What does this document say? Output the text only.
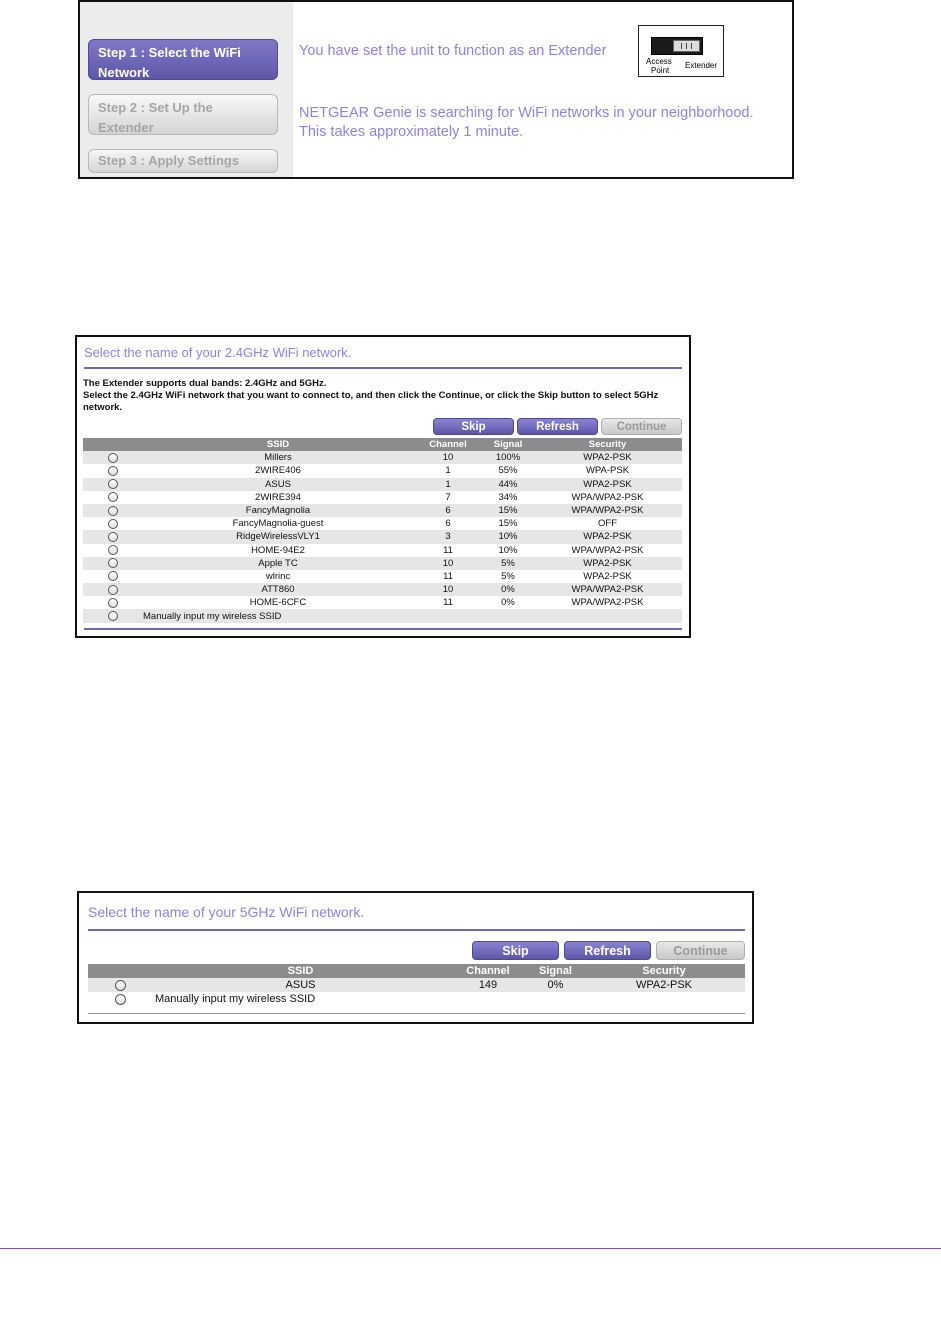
Step 1 : Select the WiFi
Network
Step 2 : Set Up the
Extender
Step 3 : Apply Settings
You have set the unit to function as an Extender
Access
Point
Extender
NETGEAR Genie is searching for WiFi networks in your neighborhood.
This takes approximately 1 minute.
Select the name of your 2.4GHz WiFi network.
The Extender supports dual bands: 2.4GHz and 5GHz.
Select the 2.4GHz WiFi network that you want to connect to, and then click the Continue, or click the Skip button to select 5GHz
network.
Skip	Refresh	Continue
	SSID	Channel	Signal	Security
	Millers	10	100%	WPA2-PSK
	2WIRE406	1	55%	WPA-PSK
	ASUS	1	44%	WPA2-PSK
	2WIRE394	7	34%	WPA/WPA2-PSK
	FancyMagnolia	6	15%	WPA/WPA2-PSK
	FancyMagnolia-guest	6	15%	OFF
	RidgeWirelessVLY1	3	10%	WPA2-PSK
	HOME-94E2	11	10%	WPA/WPA2-PSK
	Apple TC	10	5%	WPA2-PSK
	wlrinc	11	5%	WPA2-PSK
	ATT860	10	0%	WPA/WPA2-PSK
	HOME-6CFC	11	0%	WPA/WPA2-PSK
	Manually input my wireless SSID			
Select the name of your 5GHz WiFi network.
Skip	Refresh	Continue
	SSID	Channel	Signal	Security
	ASUS	149	0%	WPA2-PSK
	Manually input my wireless SSID			
